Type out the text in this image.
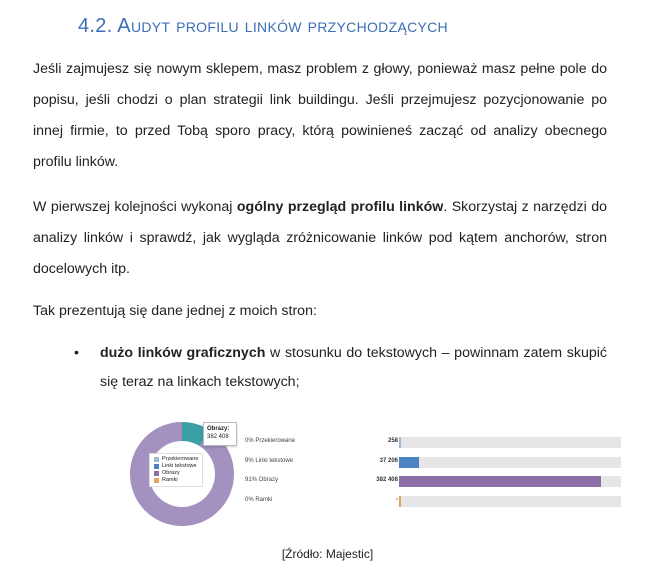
4.2. Audyt profilu linków przychodzących

Jeśli zajmujesz się nowym sklepem, masz problem z głowy, ponieważ masz pełne pole do popisu, jeśli chodzi o plan strategii link buildingu. Jeśli przejmujesz pozycjonowanie po innej firmie, to przed Tobą sporo pracy, którą powinieneś zacząć od analizy obecnego profilu linków.

W pierwszej kolejności wykonaj ogólny przegląd profilu linków. Skorzystaj z narzędzi do analizy linków i sprawdź, jak wygląda zróżnicowanie linków pod kątem anchorów, stron docelowych itp.

Tak prezentują się dane jednej z moich stron:

• dużo linków graficznych w stosunku do tekstowych – powinnam zatem skupić się teraz na linkach tekstowych;
Przekierowane
Linki tekstowe
Obrazy
Ramki
Obrazy:
382 408
0% Przekierowane	258
9% Linki tekstowe	37 206
91% Obrazy	382 408
0% Ramki	-
[Źródło: Majestic]
